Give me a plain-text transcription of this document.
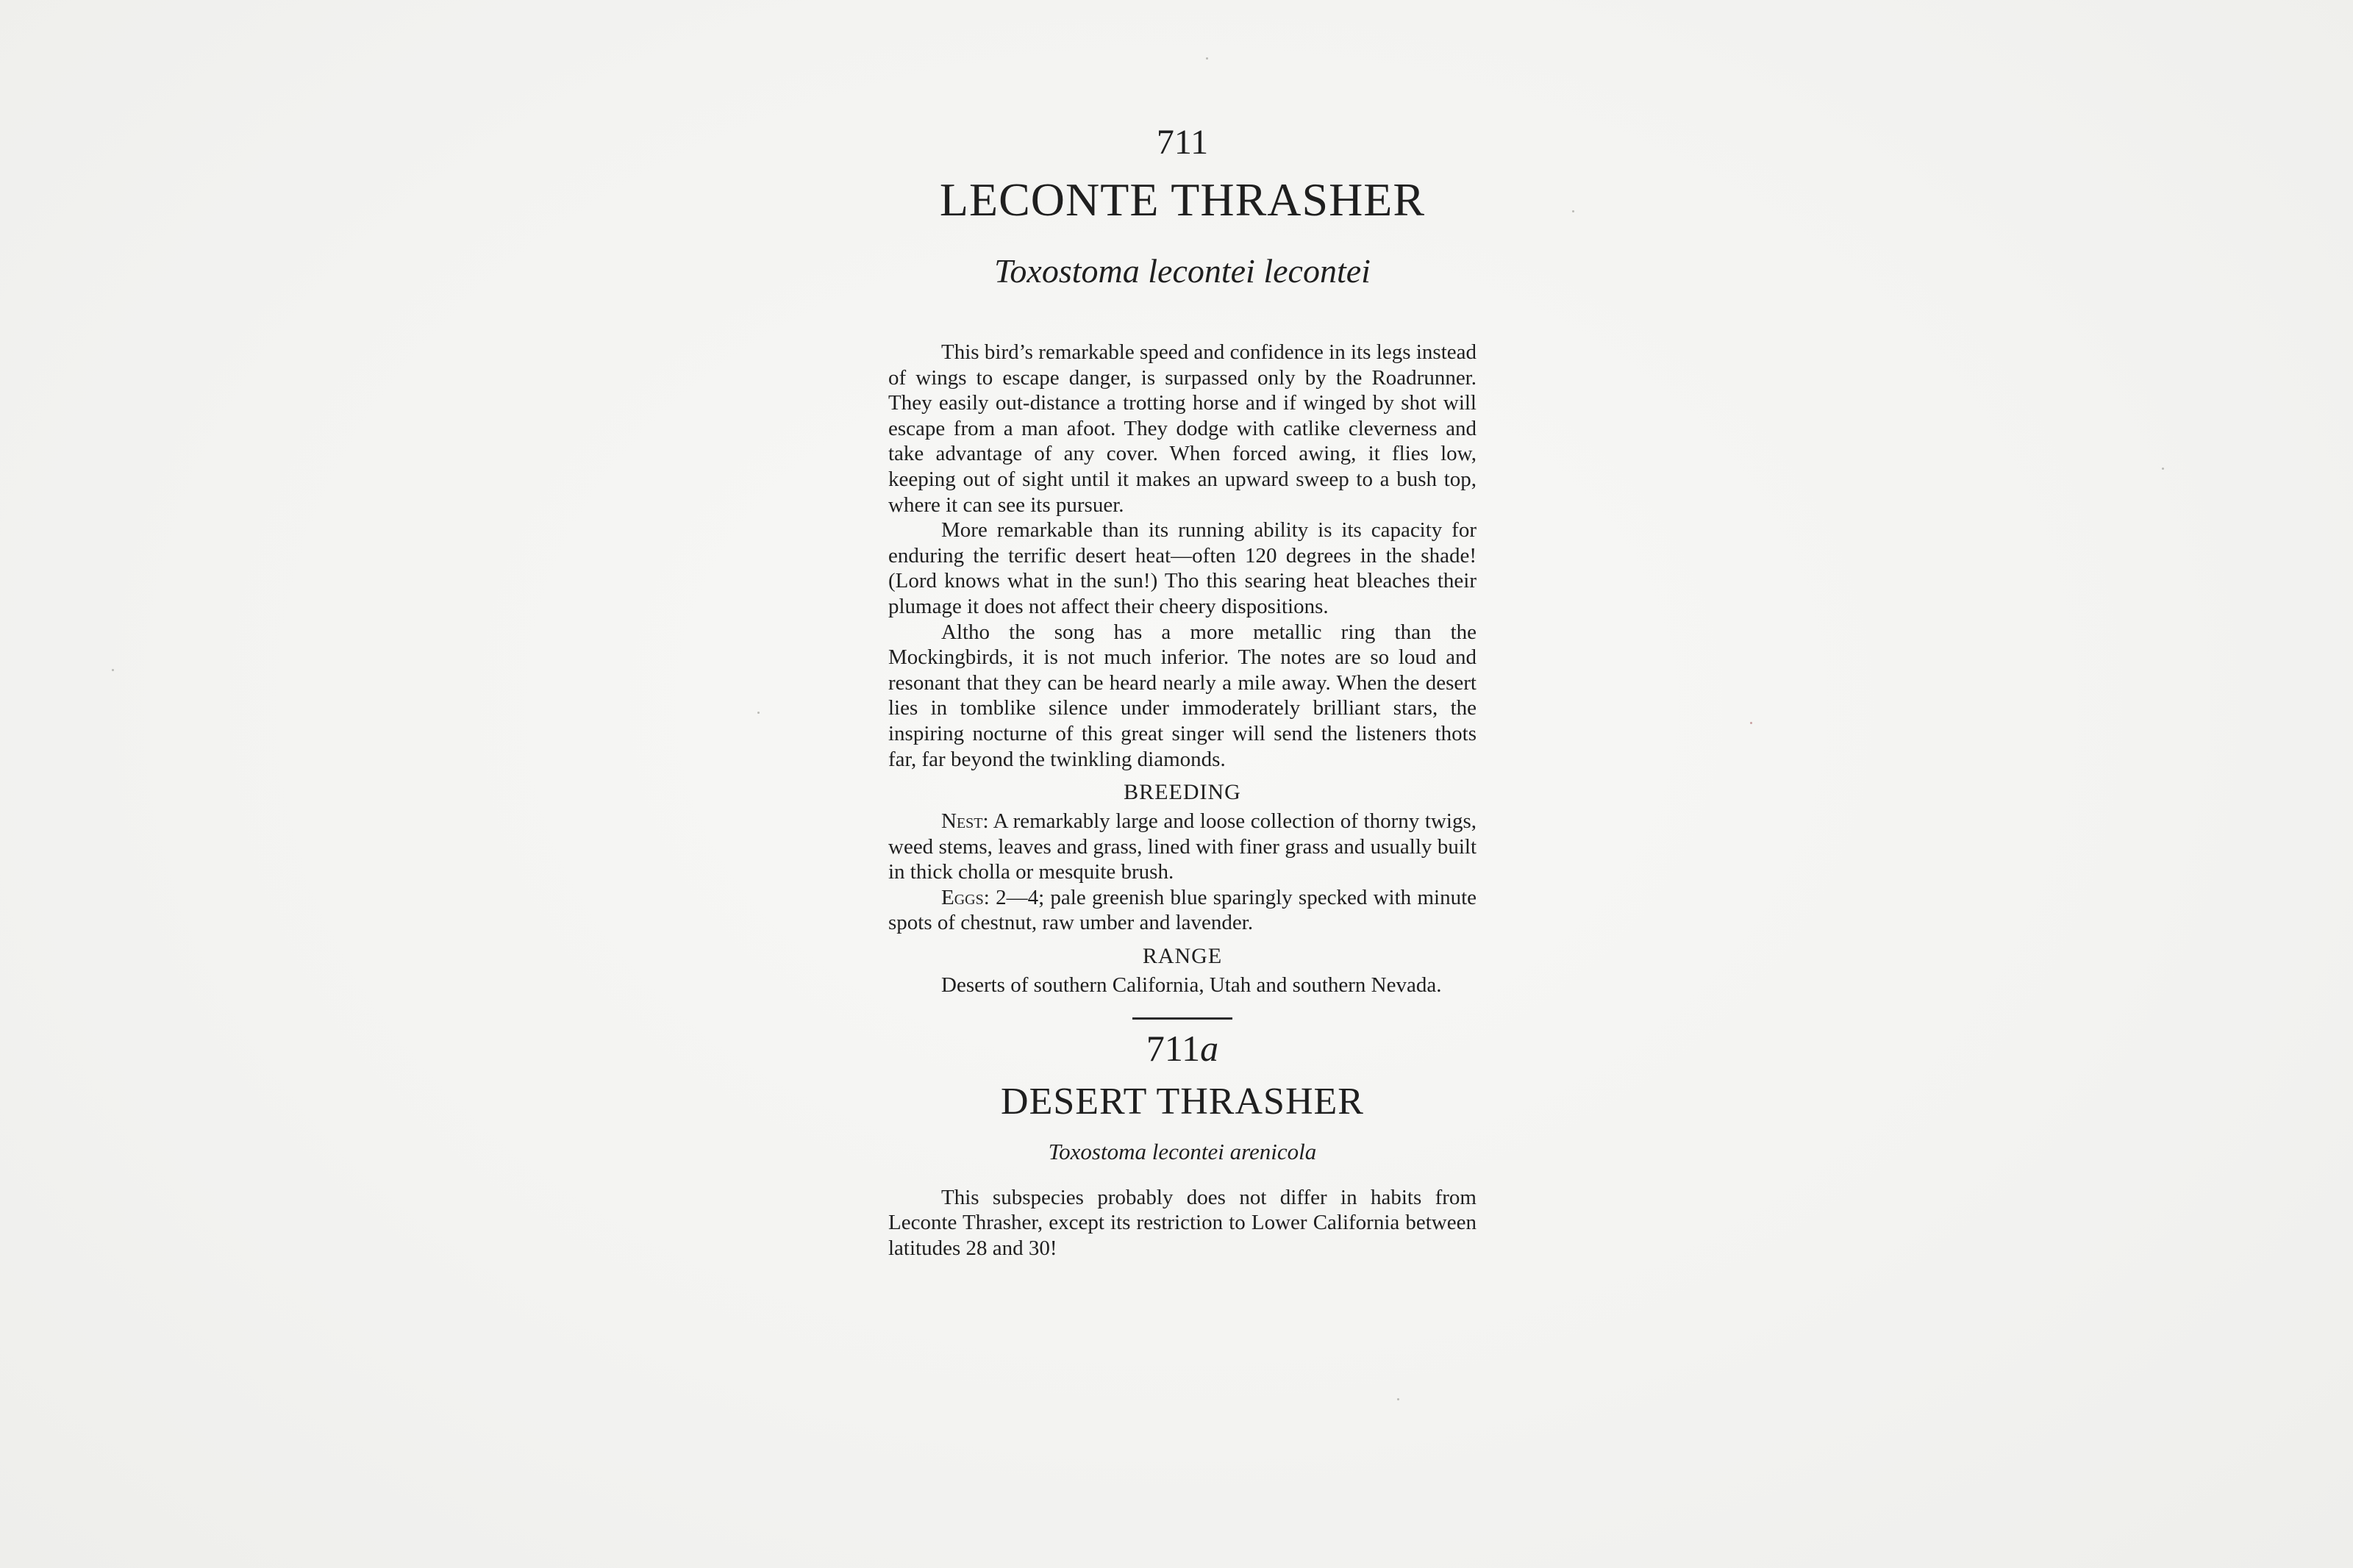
711
LECONTE THRASHER
Toxostoma lecontei lecontei

This bird’s remarkable speed and confidence in its legs instead of wings to escape danger, is surpassed only by the Roadrunner. They easily out-distance a trotting horse and if winged by shot will escape from a man afoot. They dodge with catlike cleverness and take advantage of any cover. When forced awing, it flies low, keeping out of sight until it makes an upward sweep to a bush top, where it can see its pursuer.

More remarkable than its running ability is its capacity for enduring the terrific desert heat—often 120 degrees in the shade! (Lord knows what in the sun!) Tho this searing heat bleaches their plumage it does not affect their cheery dispositions.

Altho the song has a more metallic ring than the Mockingbirds, it is not much inferior. The notes are so loud and resonant that they can be heard nearly a mile away. When the desert lies in tomblike silence under immoderately brilliant stars, the inspiring nocturne of this great singer will send the listeners thots far, far beyond the twinkling diamonds.

BREEDING

Nest: A remarkably large and loose collection of thorny twigs, weed stems, leaves and grass, lined with finer grass and usually built in thick cholla or mesquite brush.

Eggs: 2—4; pale greenish blue sparingly specked with minute spots of chestnut, raw umber and lavender.

RANGE

Deserts of southern California, Utah and southern Nevada.

711a
DESERT THRASHER
Toxostoma lecontei arenicola

This subspecies probably does not differ in habits from Leconte Thrasher, except its restriction to Lower California between latitudes 28 and 30!
